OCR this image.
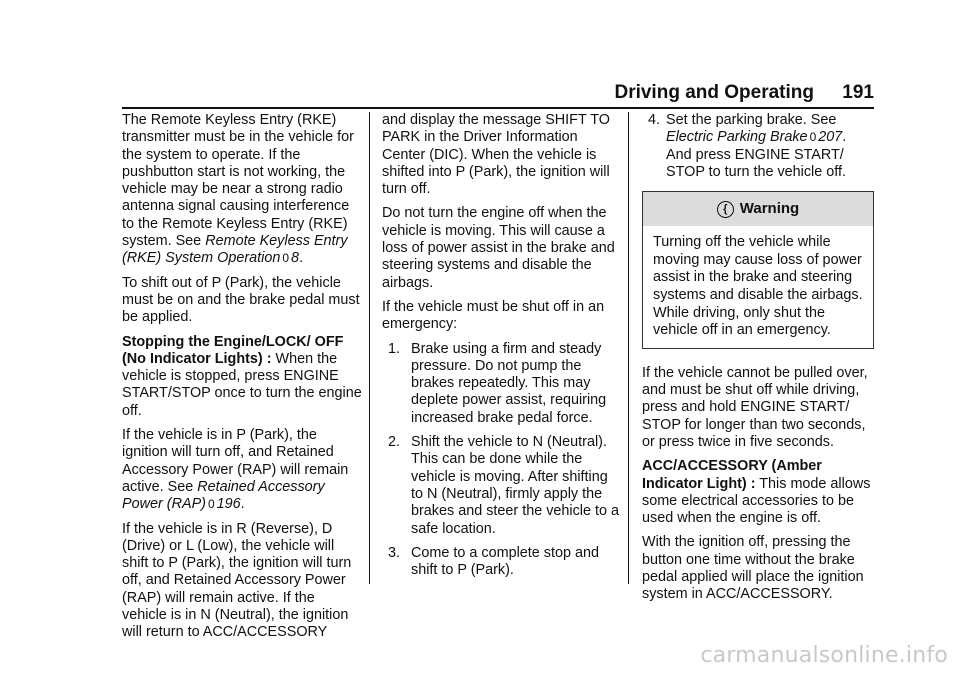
Driving and Operating 191

The Remote Keyless Entry (RKE) transmitter must be in the vehicle for the system to operate. If the pushbutton start is not working, the vehicle may be near a strong radio antenna signal causing interference to the Remote Keyless Entry (RKE) system. See Remote Keyless Entry (RKE) System Operation 0 8.

To shift out of P (Park), the vehicle must be on and the brake pedal must be applied.

Stopping the Engine/LOCK/ OFF (No Indicator Lights) : When the vehicle is stopped, press ENGINE START/STOP once to turn the engine off.

If the vehicle is in P (Park), the ignition will turn off, and Retained Accessory Power (RAP) will remain active. See Retained Accessory Power (RAP) 0 196.

If the vehicle is in R (Reverse), D (Drive) or L (Low), the vehicle will shift to P (Park), the ignition will turn off, and Retained Accessory Power (RAP) will remain active. If the vehicle is in N (Neutral), the ignition will return to ACC/ACCESSORY

and display the message SHIFT TO PARK in the Driver Information Center (DIC). When the vehicle is shifted into P (Park), the ignition will turn off.

Do not turn the engine off when the vehicle is moving. This will cause a loss of power assist in the brake and steering systems and disable the airbags.

If the vehicle must be shut off in an emergency:

1. Brake using a firm and steady pressure. Do not pump the brakes repeatedly. This may deplete power assist, requiring increased brake pedal force.
2. Shift the vehicle to N (Neutral). This can be done while the vehicle is moving. After shifting to N (Neutral), firmly apply the brakes and steer the vehicle to a safe location.
3. Come to a complete stop and shift to P (Park).
4. Set the parking brake. See
Electric Parking Brake 0 207.
And press ENGINE START/ STOP to turn the vehicle off.
{ Warning
Turning off the vehicle while moving may cause loss of power assist in the brake and steering systems and disable the airbags. While driving, only shut the vehicle off in an emergency.

If the vehicle cannot be pulled over, and must be shut off while driving, press and hold ENGINE START/ STOP for longer than two seconds, or press twice in five seconds.

ACC/ACCESSORY (Amber Indicator Light) : This mode allows some electrical accessories to be used when the engine is off.

With the ignition off, pressing the button one time without the brake pedal applied will place the ignition system in ACC/ACCESSORY.

carmanualsonline.info
